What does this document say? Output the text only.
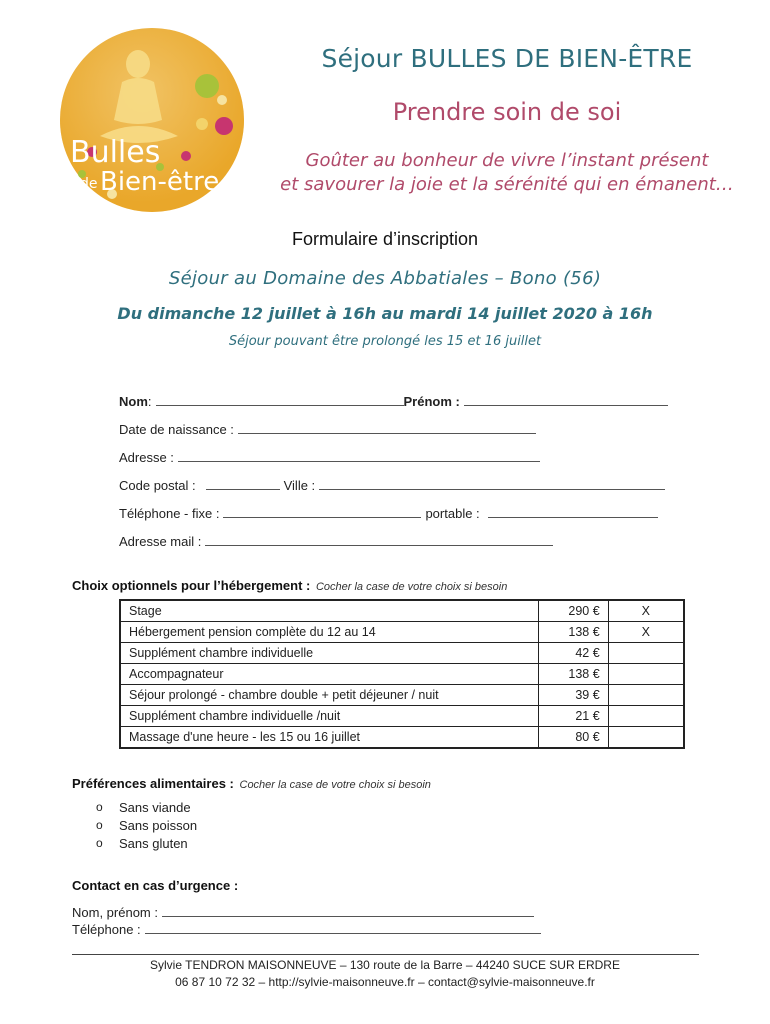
Bulles
de Bien-être
Séjour BULLES DE BIEN-ÊTRE
Prendre soin de soi
Goûter au bonheur de vivre l’instant présent
et savourer la joie et la sérénité qui en émanent…
Formulaire d’inscription
Séjour au Domaine des Abbatiales – Bono (56)
Du dimanche 12 juillet à 16h au mardi 14 juillet 2020 à 16h
Séjour pouvant être prolongé les 15 et 16 juillet
Nom :	Prénom :
Date de naissance :
Adresse :
Code postal :	Ville :
Téléphone - fixe :	portable :
Adresse mail :
Choix optionnels pour l’hébergement : Cocher la case de votre choix si besoin
Stage	290 €	X
Hébergement pension complète du 12 au 14	138 €	X
Supplément chambre individuelle	42 €	
Accompagnateur	138 €	
Séjour prolongé - chambre double + petit déjeuner / nuit	39 €	
Supplément chambre individuelle /nuit	21 €	
Massage d'une heure - les 15 ou 16 juillet	80 €	
Préférences alimentaires : Cocher la case de votre choix si besoin
o	Sans viande
o	Sans poisson
o	Sans gluten
Contact en cas d’urgence :
Nom, prénom :
Téléphone :
Sylvie TENDRON MAISONNEUVE – 130 route de la Barre – 44240 SUCE SUR ERDRE
06 87 10 72 32 – http://sylvie-maisonneuve.fr – contact@sylvie-maisonneuve.fr
